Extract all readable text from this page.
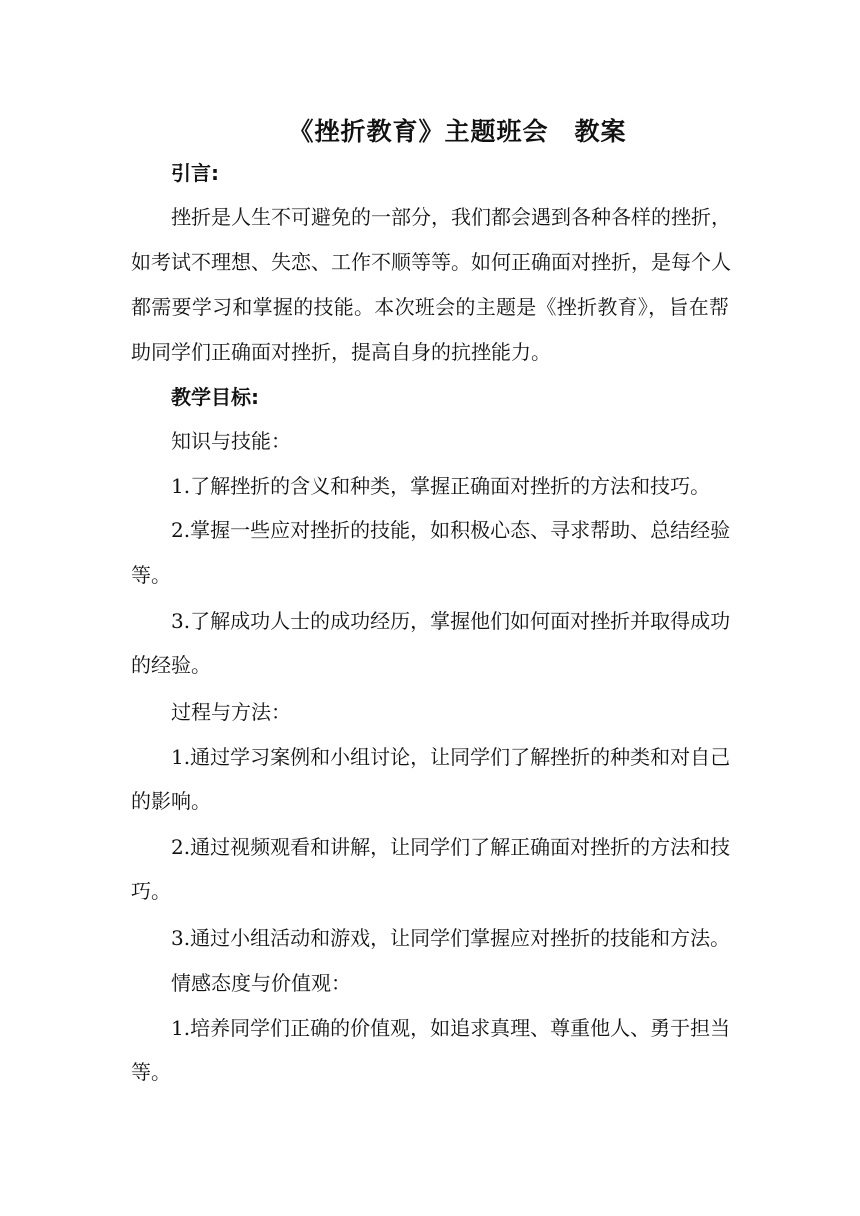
《挫折教育》主题班会　教案
引言:
挫折是人生不可避免的一部分，我们都会遇到各种各样的挫折，
如考试不理想、失恋、工作不顺等等。如何正确面对挫折，是每个人
都需要学习和掌握的技能。本次班会的主题是《挫折教育》，旨在帮
助同学们正确面对挫折，提高自身的抗挫能力。
教学目标:
知识与技能：
1.了解挫折的含义和种类，掌握正确面对挫折的方法和技巧。
2.掌握一些应对挫折的技能，如积极心态、寻求帮助、总结经验
等。
3.了解成功人士的成功经历，掌握他们如何面对挫折并取得成功
的经验。
过程与方法：
1.通过学习案例和小组讨论，让同学们了解挫折的种类和对自己
的影响。
2.通过视频观看和讲解，让同学们了解正确面对挫折的方法和技
巧。
3.通过小组活动和游戏，让同学们掌握应对挫折的技能和方法。
情感态度与价值观：
1.培养同学们正确的价值观，如追求真理、尊重他人、勇于担当
等。
